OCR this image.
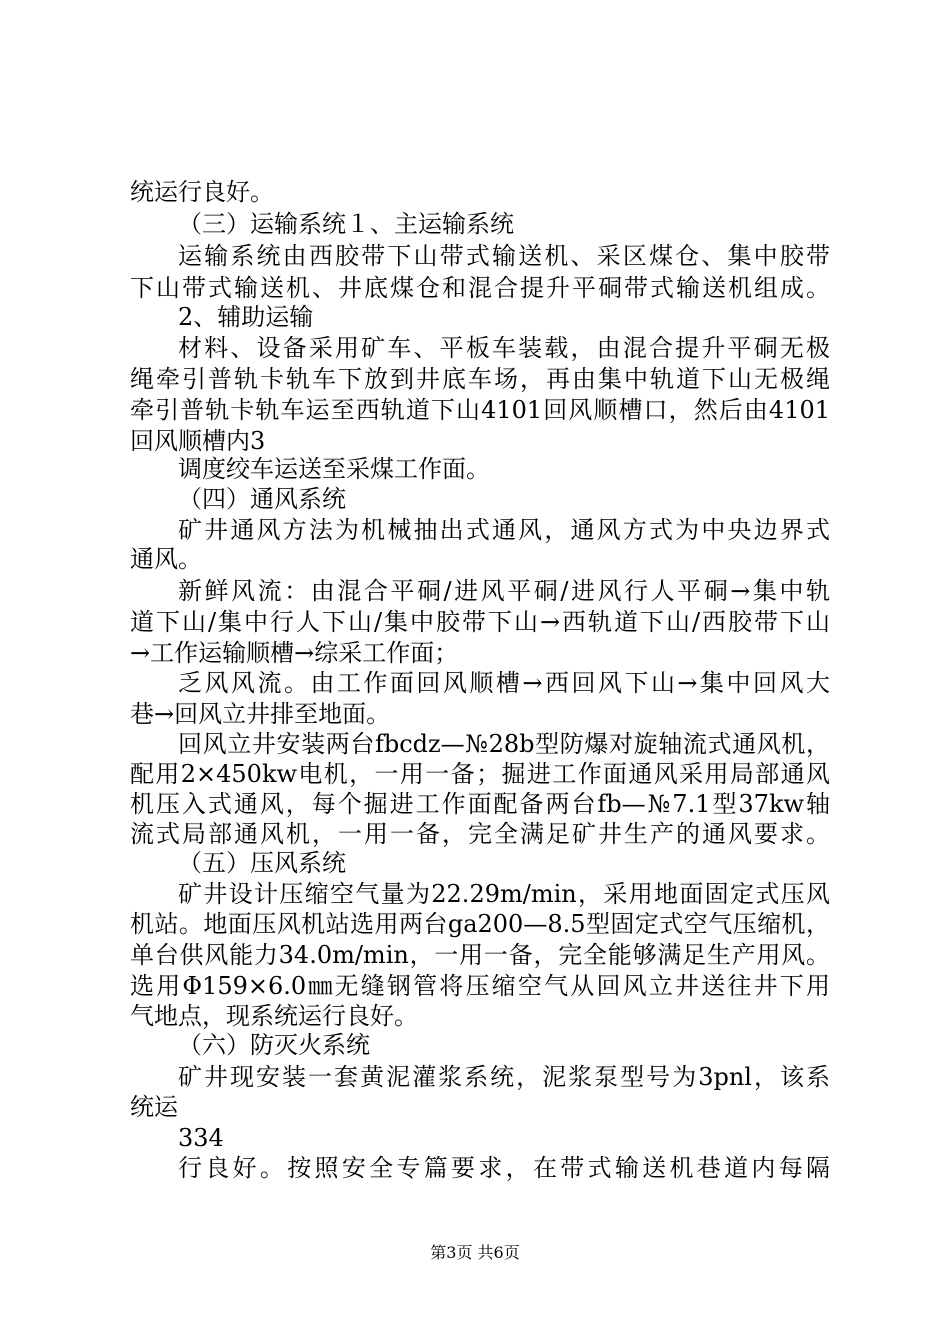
统运行良好。
（三）运输系统１、主运输系统
运输系统由西胶带下山带式输送机、采区煤仓、集中胶带
下山带式输送机、井底煤仓和混合提升平硐带式输送机组成。
2、辅助运输
材料、设备采用矿车、平板车装载，由混合提升平硐无极
绳牵引普轨卡轨车下放到井底车场，再由集中轨道下山无极绳
牵引普轨卡轨车运至西轨道下山4101回风顺槽口，然后由4101
回风顺槽内3
调度绞车运送至采煤工作面。
（四）通风系统
矿井通风方法为机械抽出式通风，通风方式为中央边界式
通风。
新鲜风流：由混合平硐/进风平硐/进风行人平硐→集中轨
道下山/集中行人下山/集中胶带下山→西轨道下山/西胶带下山
→工作运输顺槽→综采工作面；
乏风风流。由工作面回风顺槽→西回风下山→集中回风大
巷→回风立井排至地面。
回风立井安装两台fbcdz—№28b型防爆对旋轴流式通风机，
配用2×450kw电机，一用一备；掘进工作面通风采用局部通风
机压入式通风，每个掘进工作面配备两台fb—№7.1型37kw轴
流式局部通风机，一用一备，完全满足矿井生产的通风要求。
（五）压风系统
矿井设计压缩空气量为22.29m/min，采用地面固定式压风
机站。地面压风机站选用两台ga200—8.5型固定式空气压缩机，
单台供风能力34.0m/min，一用一备，完全能够满足生产用风。
选用Φ159×6.0㎜无缝钢管将压缩空气从回风立井送往井下用
气地点，现系统运行良好。
（六）防灭火系统
矿井现安装一套黄泥灌浆系统，泥浆泵型号为3pnl，该系
统运
334
行良好。按照安全专篇要求，在带式输送机巷道内每隔
第3页 共6页
